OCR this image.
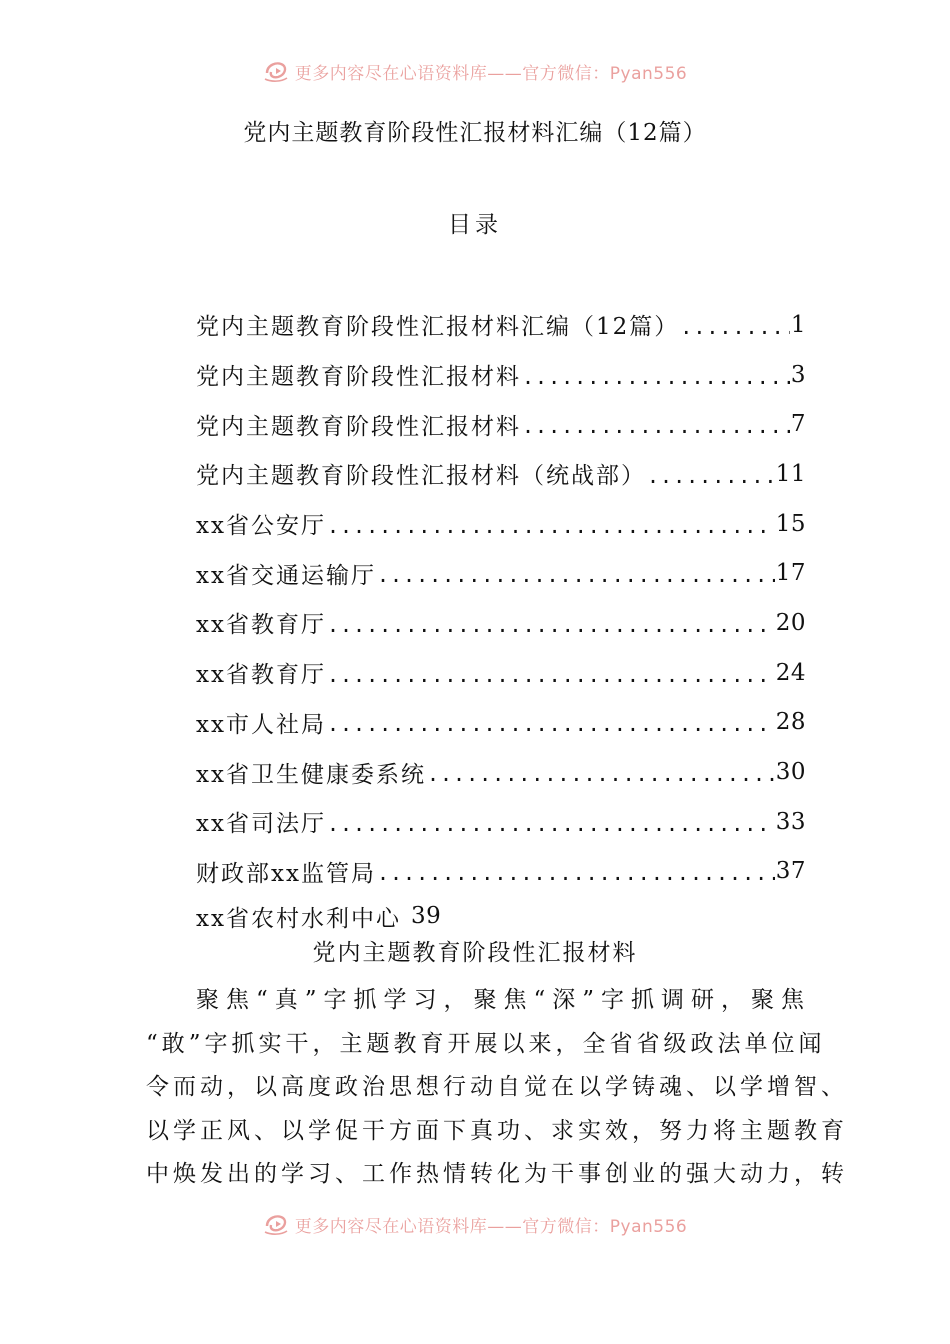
更多内容尽在心语资料库——官方微信：Pyan556
党内主题教育阶段性汇报材料汇编（12篇）
目录
党内主题教育阶段性汇报材料汇编（12篇） .....	1
党内主题教育阶段性汇报材料 .....	3
党内主题教育阶段性汇报材料 .....	7
党内主题教育阶段性汇报材料（统战部） .....	11
xx省公安厅 .....	15
xx省交通运输厅 .....	17
xx省教育厅 .....	20
xx省教育厅 .....	24
xx市人社局 .....	28
xx省卫生健康委系统 .....	30
xx省司法厅 .....	33
财政部xx监管局 .....	37
xx省农村水利中心 39
党内主题教育阶段性汇报材料
聚焦“真”字抓学习，聚焦“深”字抓调研，聚焦
“敢”字抓实干，主题教育开展以来，全省省级政法单位闻
令而动，以高度政治思想行动自觉在以学铸魂、以学增智、
以学正风、以学促干方面下真功、求实效，努力将主题教育
中焕发出的学习、工作热情转化为干事创业的强大动力，转
更多内容尽在心语资料库——官方微信：Pyan556
